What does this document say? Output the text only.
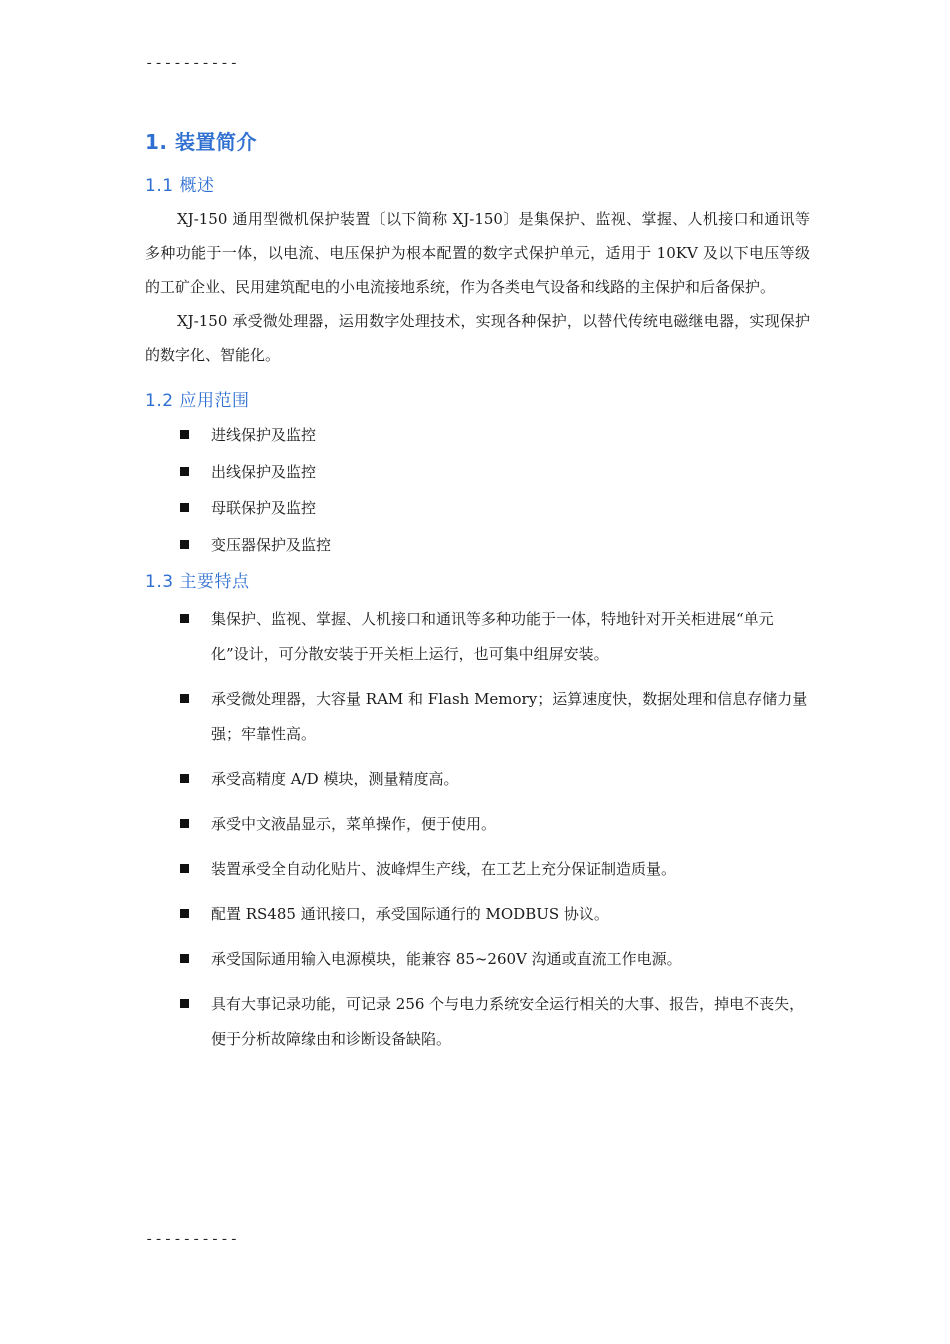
----------
1. 装置简介
1.1 概述

XJ-150 通用型微机保护装置〔以下简称 XJ-150〕是集保护、监视、掌握、人机接口和通讯等多种功能于一体，以电流、电压保护为根本配置的数字式保护单元，适用于 10KV 及以下电压等级的工矿企业、民用建筑配电的小电流接地系统，作为各类电气设备和线路的主保护和后备保护。

XJ-150 承受微处理器，运用数字处理技术，实现各种保护，以替代传统电磁继电器，实现保护的数字化、智能化。

1.2 应用范围
进线保护及监控
出线保护及监控
母联保护及监控
变压器保护及监控
1.3 主要特点
集保护、监视、掌握、人机接口和通讯等多种功能于一体，特地针对开关柜进展“单元化”设计，可分散安装于开关柜上运行，也可集中组屏安装。
承受微处理器，大容量 RAM 和 Flash Memory；运算速度快，数据处理和信息存储力量强；牢靠性高。
承受高精度 A/D 模块，测量精度高。
承受中文液晶显示，菜单操作，便于使用。
装置承受全自动化贴片、波峰焊生产线，在工艺上充分保证制造质量。
配置 RS485 通讯接口，承受国际通行的 MODBUS 协议。
承受国际通用输入电源模块，能兼容 85~260V 沟通或直流工作电源。
具有大事记录功能，可记录 256 个与电力系统安全运行相关的大事、报告，掉电不丧失，便于分析故障缘由和诊断设备缺陷。
----------
